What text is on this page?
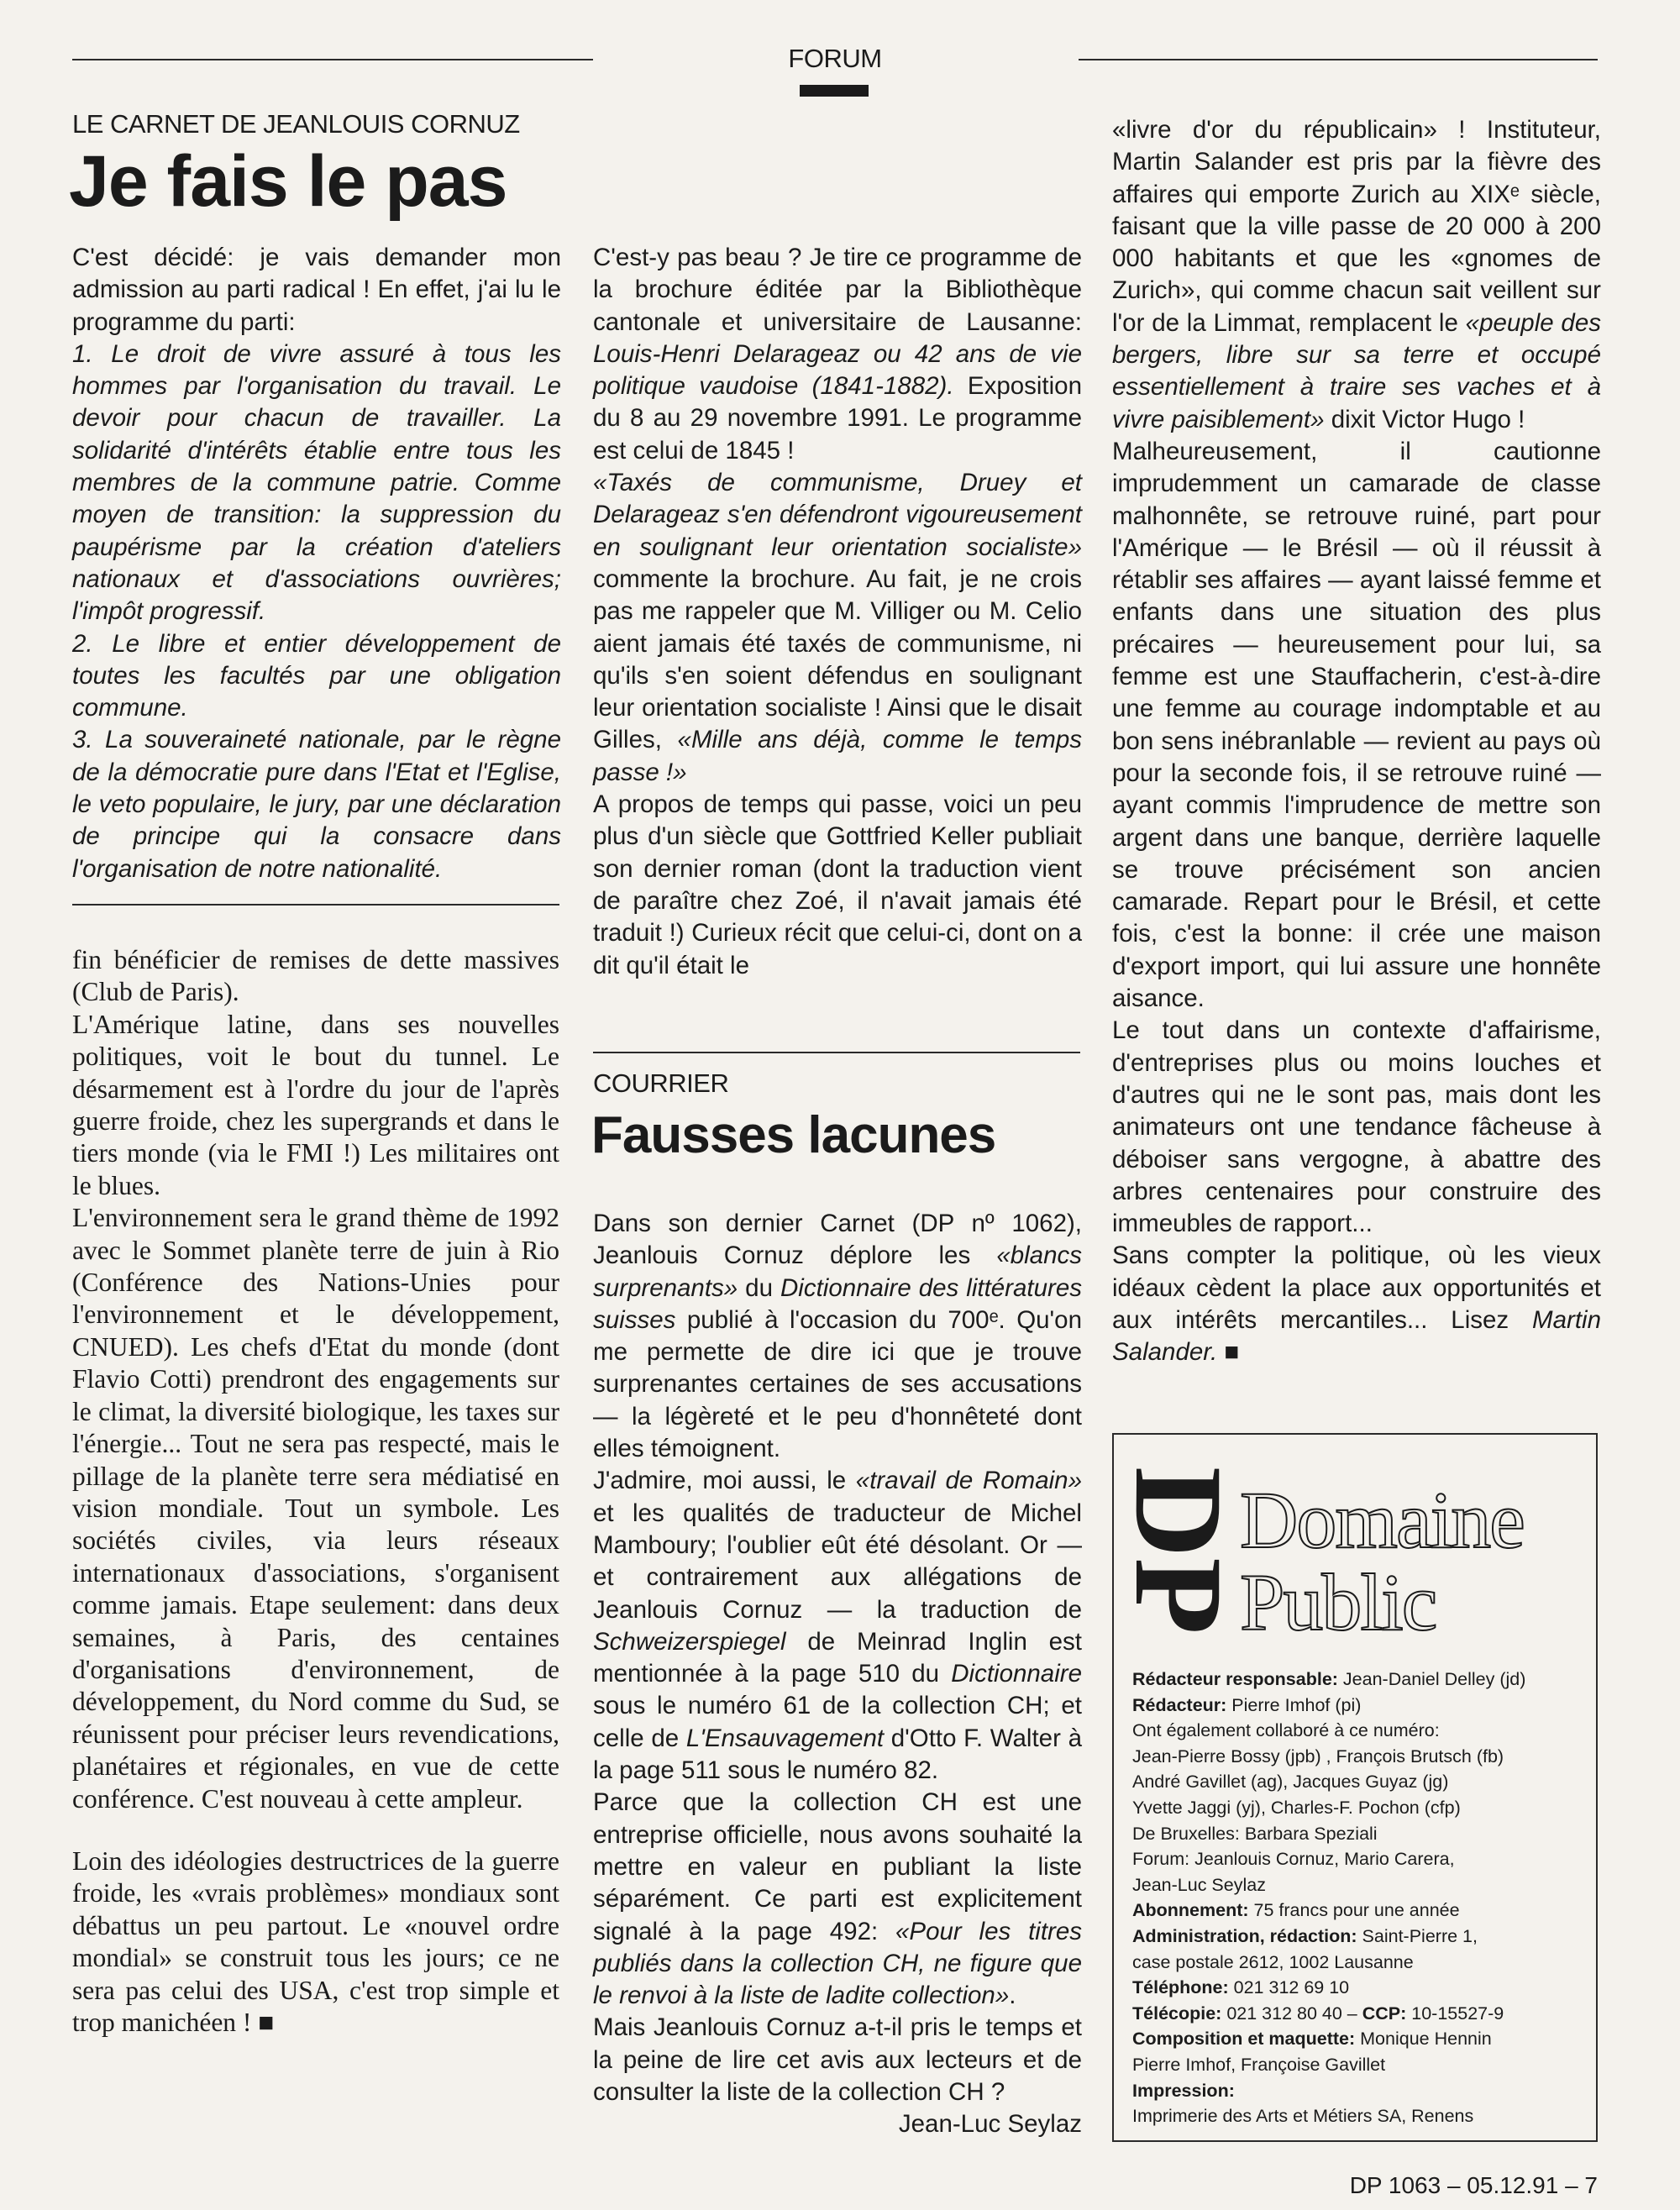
FORUM
LE CARNET DE JEANLOUIS CORNUZ
Je fais le pas

C'est décidé: je vais demander mon admission au parti radical ! En effet, j'ai lu le programme du parti:

1. Le droit de vivre assuré à tous les hommes par l'organisation du travail. Le devoir pour chacun de travailler. La solidarité d'intérêts établie entre tous les membres de la commune patrie. Comme moyen de transition: la suppression du paupérisme par la création d'ateliers nationaux et d'associations ouvrières; l'impôt progressif.

2. Le libre et entier développement de toutes les facultés par une obligation commune.

3. La souveraineté nationale, par le règne de la démocratie pure dans l'Etat et l'Eglise, le veto populaire, le jury, par une déclaration de principe qui la consacre dans l'organisation de notre nationalité.

fin bénéficier de remises de dette massives (Club de Paris).

L'Amérique latine, dans ses nouvelles politiques, voit le bout du tunnel. Le désarmement est à l'ordre du jour de l'après guerre froide, chez les supergrands et dans le tiers monde (via le FMI !) Les militaires ont le blues.

L'environnement sera le grand thème de 1992 avec le Sommet planète terre de juin à Rio (Conférence des Nations-Unies pour l'environnement et le développement, CNUED). Les chefs d'Etat du monde (dont Flavio Cotti) prendront des engagements sur le climat, la diversité biologique, les taxes sur l'énergie... Tout ne sera pas respecté, mais le pillage de la planète terre sera médiatisé en vision mondiale. Tout un symbole. Les sociétés civiles, via leurs réseaux internationaux d'associations, s'organisent comme jamais. Etape seulement: dans deux semaines, à Paris, des centaines d'organisations d'environnement, de développement, du Nord comme du Sud, se réunissent pour préciser leurs revendications, planétaires et régionales, en vue de cette conférence. C'est nouveau à cette ampleur.

Loin des idéologies destructrices de la guerre froide, les «vrais problèmes» mondiaux sont débattus un peu partout. Le «nouvel ordre mondial» se construit tous les jours; ce ne sera pas celui des USA, c'est trop simple et trop manichéen ! ■

C'est-y pas beau ? Je tire ce programme de la brochure éditée par la Bibliothèque cantonale et universitaire de Lausanne: Louis-Henri Delarageaz ou 42 ans de vie politique vaudoise (1841-1882). Exposition du 8 au 29 novembre 1991. Le programme est celui de 1845 !

«Taxés de communisme, Druey et Delarageaz s'en défendront vigoureusement en soulignant leur orientation socialiste» commente la brochure. Au fait, je ne crois pas me rappeler que M. Villiger ou M. Celio aient jamais été taxés de communisme, ni qu'ils s'en soient défendus en soulignant leur orientation socialiste ! Ainsi que le disait Gilles, «Mille ans déjà, comme le temps passe !»

A propos de temps qui passe, voici un peu plus d'un siècle que Gottfried Keller publiait son dernier roman (dont la traduction vient de paraître chez Zoé, il n'avait jamais été traduit !) Curieux récit que celui-ci, dont on a dit qu'il était le

COURRIER
Fausses lacunes

Dans son dernier Carnet (DP nº 1062), Jeanlouis Cornuz déplore les «blancs surprenants» du Dictionnaire des littératures suisses publié à l'occasion du 700ᵉ. Qu'on me permette de dire ici que je trouve surprenantes certaines de ses accusations — la légèreté et le peu d'honnêteté dont elles témoignent.

J'admire, moi aussi, le «travail de Romain» et les qualités de traducteur de Michel Mamboury; l'oublier eût été désolant. Or — et contrairement aux allégations de Jeanlouis Cornuz — la traduction de Schweizerspiegel de Meinrad Inglin est mentionnée à la page 510 du Dictionnaire sous le numéro 61 de la collection CH; et celle de L'Ensauvagement d'Otto F. Walter à la page 511 sous le numéro 82.

Parce que la collection CH est une entreprise officielle, nous avons souhaité la mettre en valeur en publiant la liste séparément. Ce parti est explicitement signalé à la page 492: «Pour les titres publiés dans la collection CH, ne figure que le renvoi à la liste de ladite collection».

Mais Jeanlouis Cornuz a-t-il pris le temps et la peine de lire cet avis aux lecteurs et de consulter la liste de la collection CH ?

Jean-Luc Seylaz

«livre d'or du républicain» ! Instituteur, Martin Salander est pris par la fièvre des affaires qui emporte Zurich au XIXᵉ siècle, faisant que la ville passe de 20 000 à 200 000 habitants et que les «gnomes de Zurich», qui comme chacun sait veillent sur l'or de la Limmat, remplacent le «peuple des bergers, libre sur sa terre et occupé essentiellement à traire ses vaches et à vivre paisiblement» dixit Victor Hugo !

Malheureusement, il cautionne imprudemment un camarade de classe malhonnête, se retrouve ruiné, part pour l'Amérique — le Brésil — où il réussit à rétablir ses affaires — ayant laissé femme et enfants dans une situation des plus précaires — heureusement pour lui, sa femme est une Stauffacherin, c'est-à-dire une femme au courage indomptable et au bon sens inébranlable — revient au pays où pour la seconde fois, il se retrouve ruiné — ayant commis l'imprudence de mettre son argent dans une banque, derrière laquelle se trouve précisément son ancien camarade. Repart pour le Brésil, et cette fois, c'est la bonne: il crée une maison d'export import, qui lui assure une honnête aisance.

Le tout dans un contexte d'affairisme, d'entreprises plus ou moins louches et d'autres qui ne le sont pas, mais dont les animateurs ont une tendance fâcheuse à déboiser sans vergogne, à abattre des arbres centenaires pour construire des immeubles de rapport...

Sans compter la politique, où les vieux idéaux cèdent la place aux opportunités et aux intérêts mercantiles... Lisez Martin Salander. ■

DP
Domaine
Public
Rédacteur responsable: Jean-Daniel Delley (jd)
Rédacteur: Pierre Imhof (pi)
Ont également collaboré à ce numéro:
Jean-Pierre Bossy (jpb) , François Brutsch (fb)
André Gavillet (ag), Jacques Guyaz (jg)
Yvette Jaggi (yj), Charles-F. Pochon (cfp)
De Bruxelles: Barbara Speziali
Forum: Jeanlouis Cornuz, Mario Carera,
Jean-Luc Seylaz
Abonnement: 75 francs pour une année
Administration, rédaction: Saint-Pierre 1,
case postale 2612, 1002 Lausanne
Téléphone: 021 312 69 10
Télécopie: 021 312 80 40 – CCP: 10-15527-9
Composition et maquette: Monique Hennin
Pierre Imhof, Françoise Gavillet
Impression:
Imprimerie des Arts et Métiers SA, Renens
DP 1063 – 05.12.91 – 7
